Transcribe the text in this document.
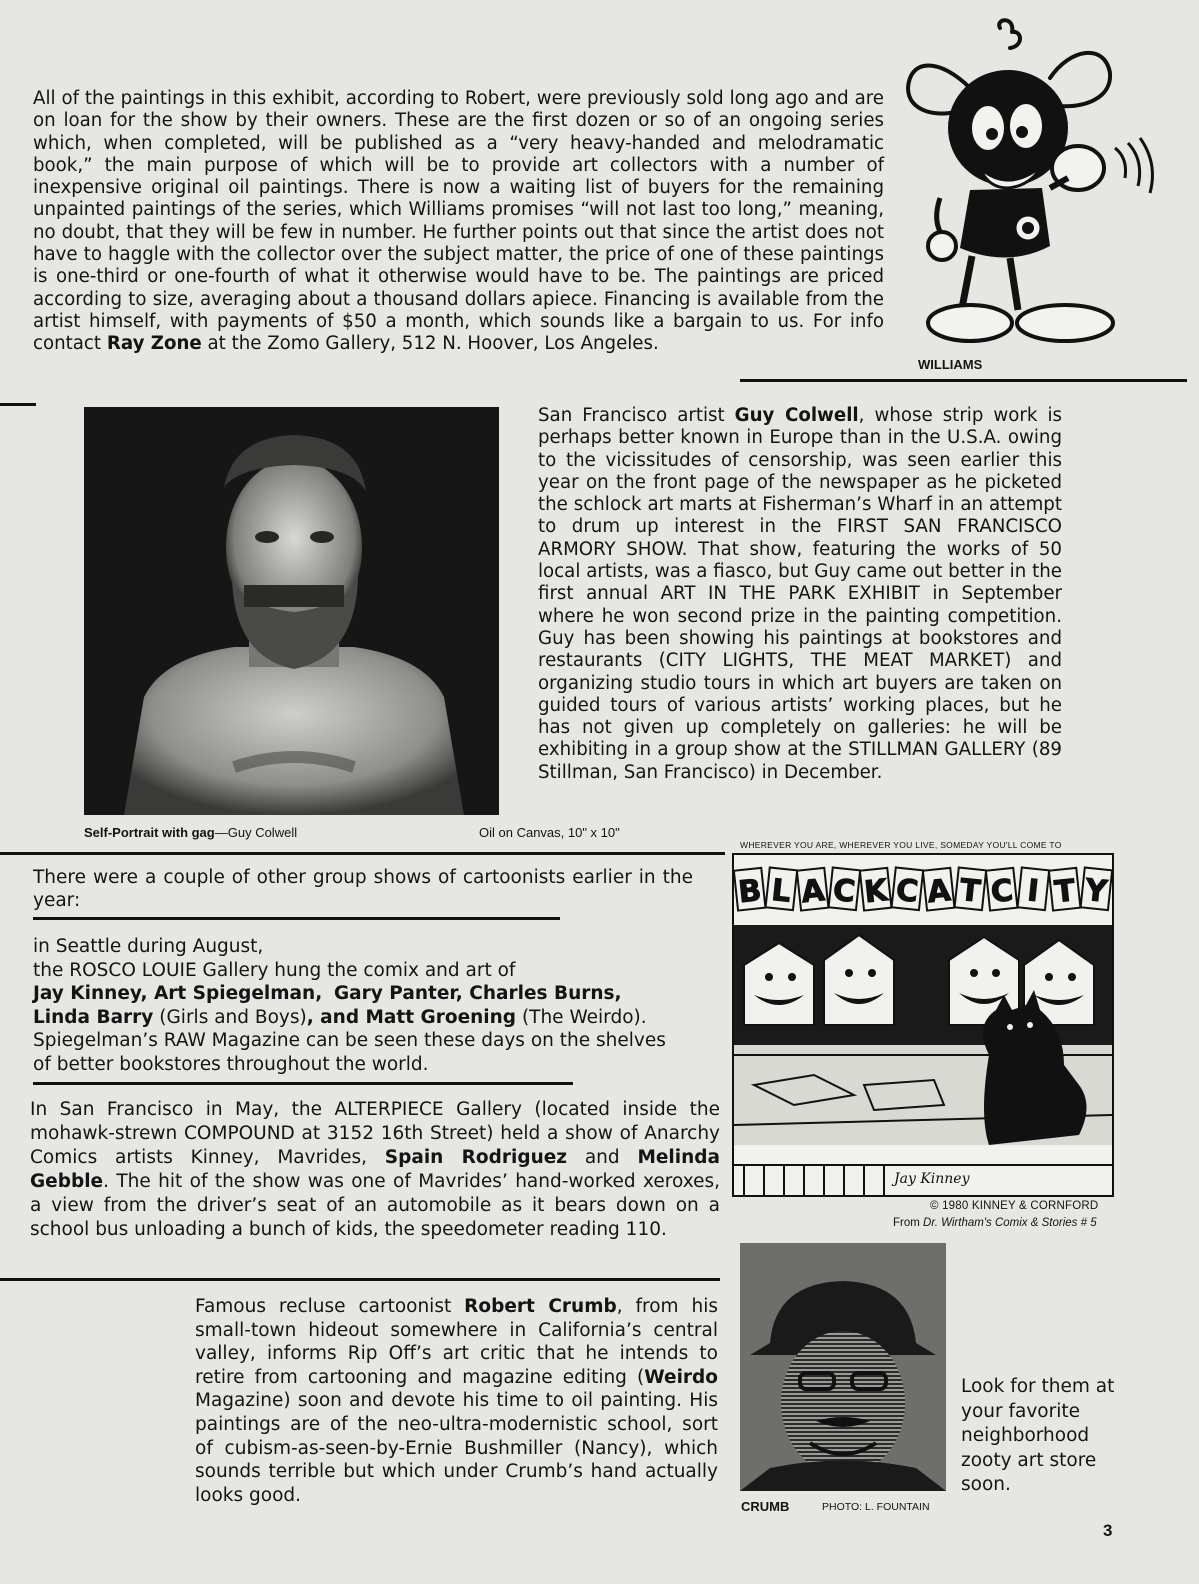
All of the paintings in this exhibit, according to Robert, were previously sold long ago and are on loan for the show by their owners. These are the first dozen or so of an ongoing series which, when completed, will be published as a “very heavy-handed and melodramatic book,” the main purpose of which will be to provide art collectors with a number of inexpensive original oil paintings. There is now a waiting list of buyers for the remaining unpainted paintings of the series, which Williams promises “will not last too long,” meaning, no doubt, that they will be few in number. He further points out that since the artist does not have to haggle with the collector over the subject matter, the price of one of these paintings is one-third or one-fourth of what it otherwise would have to be. The paintings are priced according to size, averaging about a thousand dollars apiece. Financing is available from the artist himself, with payments of $50 a month, which sounds like a bargain to us. For info contact Ray Zone at the Zomo Gallery, 512 N. Hoover, Los Angeles.

WILLIAMS
Self-Portrait with gag—Guy Colwell	Oil on Canvas, 10" x 10"

San Francisco artist Guy Colwell, whose strip work is perhaps better known in Europe than in the U.S.A. owing to the vicissitudes of censorship, was seen earlier this year on the front page of the newspaper as he picketed the schlock art marts at Fisherman’s Wharf in an attempt to drum up interest in the FIRST SAN FRANCISCO ARMORY SHOW. That show, featuring the works of 50 local artists, was a fiasco, but Guy came out better in the first annual ART IN THE PARK EXHIBIT in September where he won second prize in the painting competition. Guy has been showing his paintings at bookstores and restaurants (CITY LIGHTS, THE MEAT MARKET) and organizing studio tours in which art buyers are taken on guided tours of various artists’ working places, but he has not given up completely on galleries: he will be exhibiting in a group show at the STILLMAN GALLERY (89 Stillman, San Francisco) in December.

There were a couple of other group shows of cartoonists earlier in the year:

in Seattle during August,
the ROSCO LOUIE Gallery hung the comix and art of
Jay Kinney, Art Spiegelman, Gary Panter, Charles Burns,
Linda Barry (Girls and Boys), and Matt Groening (The Weirdo).
Spiegelman’s RAW Magazine can be seen these days on the shelves of better bookstores throughout the world.

In San Francisco in May, the ALTERPIECE Gallery (located inside the mohawk-strewn COMPOUND at 3152 16th Street) held a show of Anarchy Comics artists Kinney, Mavrides, Spain Rodriguez and Melinda Gebble. The hit of the show was one of Mavrides’ hand-worked xeroxes, a view from the driver’s seat of an automobile as it bears down on a school bus unloading a bunch of kids, the speedometer reading 110.

WHEREVER YOU ARE, WHEREVER YOU LIVE, SOMEDAY YOU'LL COME TO
B L A C K C A T C I T Y
Jay Kinney
© 1980 KINNEY & CORNFORD
From Dr. Wirtham's Comix & Stories # 5
CRUMB	PHOTO: L. FOUNTAIN

Famous recluse cartoonist Robert Crumb, from his small-town hideout somewhere in California’s central valley, informs Rip Off’s art critic that he intends to retire from cartooning and magazine editing (Weirdo Magazine) soon and devote his time to oil painting. His paintings are of the neo-ultra-modernistic school, sort of cubism-as-seen-by-Ernie Bushmiller (Nancy), which sounds terrible but which under Crumb’s hand actually looks good.

Look for them at your favorite neighborhood zooty art store soon.

3
